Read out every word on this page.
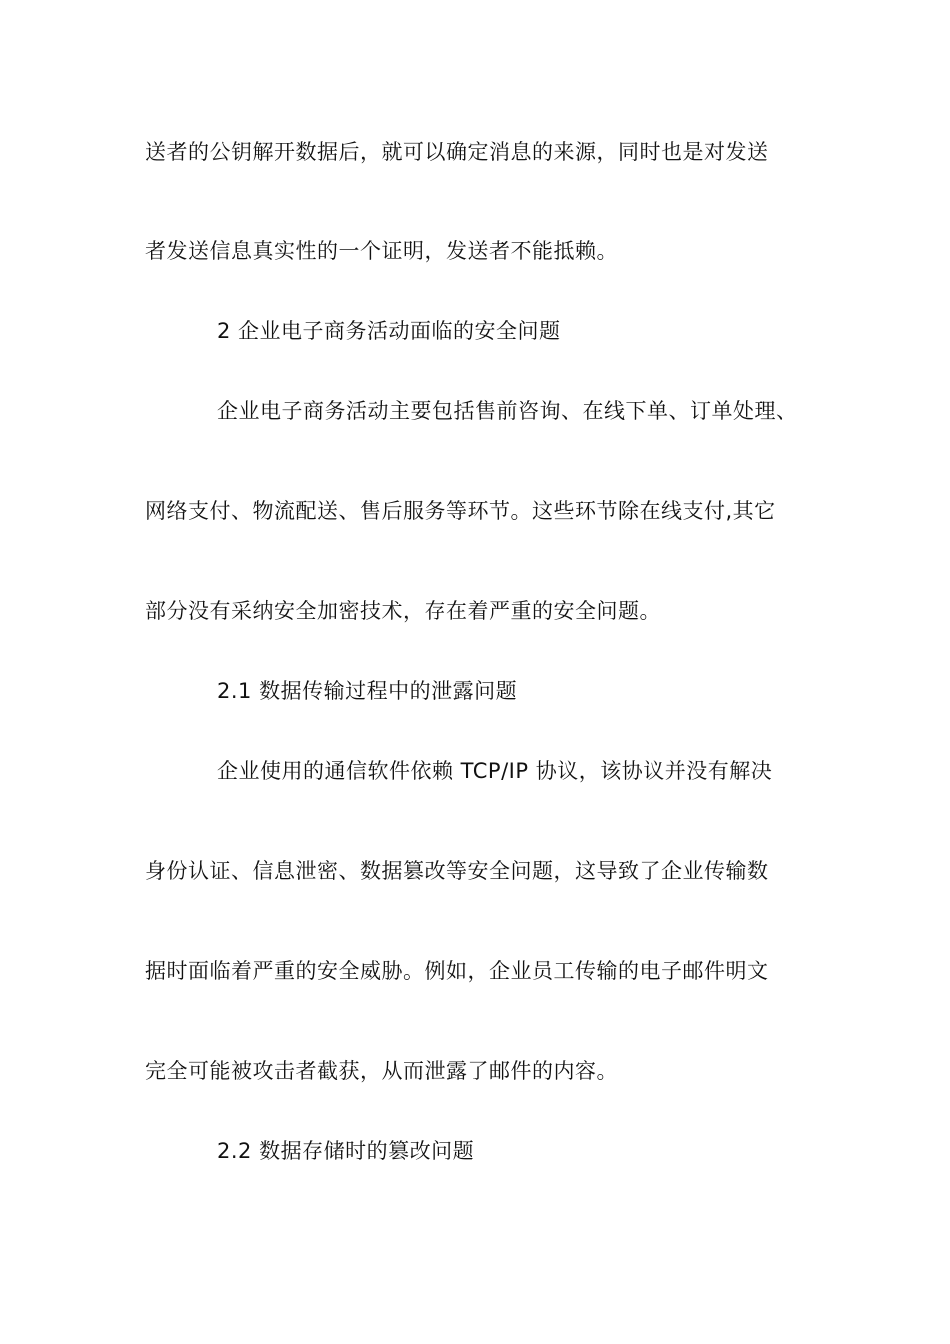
送者的公钥解开数据后，就可以确定消息的来源，同时也是对发送
者发送信息真实性的一个证明，发送者不能抵赖。
2 企业电子商务活动面临的安全问题
企业电子商务活动主要包括售前咨询、在线下单、订单处理、
网络支付、物流配送、售后服务等环节。这些环节除在线支付,其它
部分没有采纳安全加密技术，存在着严重的安全问题。
2.1 数据传输过程中的泄露问题
企业使用的通信软件依赖 TCP/IP 协议，该协议并没有解决
身份认证、信息泄密、数据篡改等安全问题，这导致了企业传输数
据时面临着严重的安全威胁。例如，企业员工传输的电子邮件明文
完全可能被攻击者截获，从而泄露了邮件的内容。
2.2 数据存储时的篡改问题
